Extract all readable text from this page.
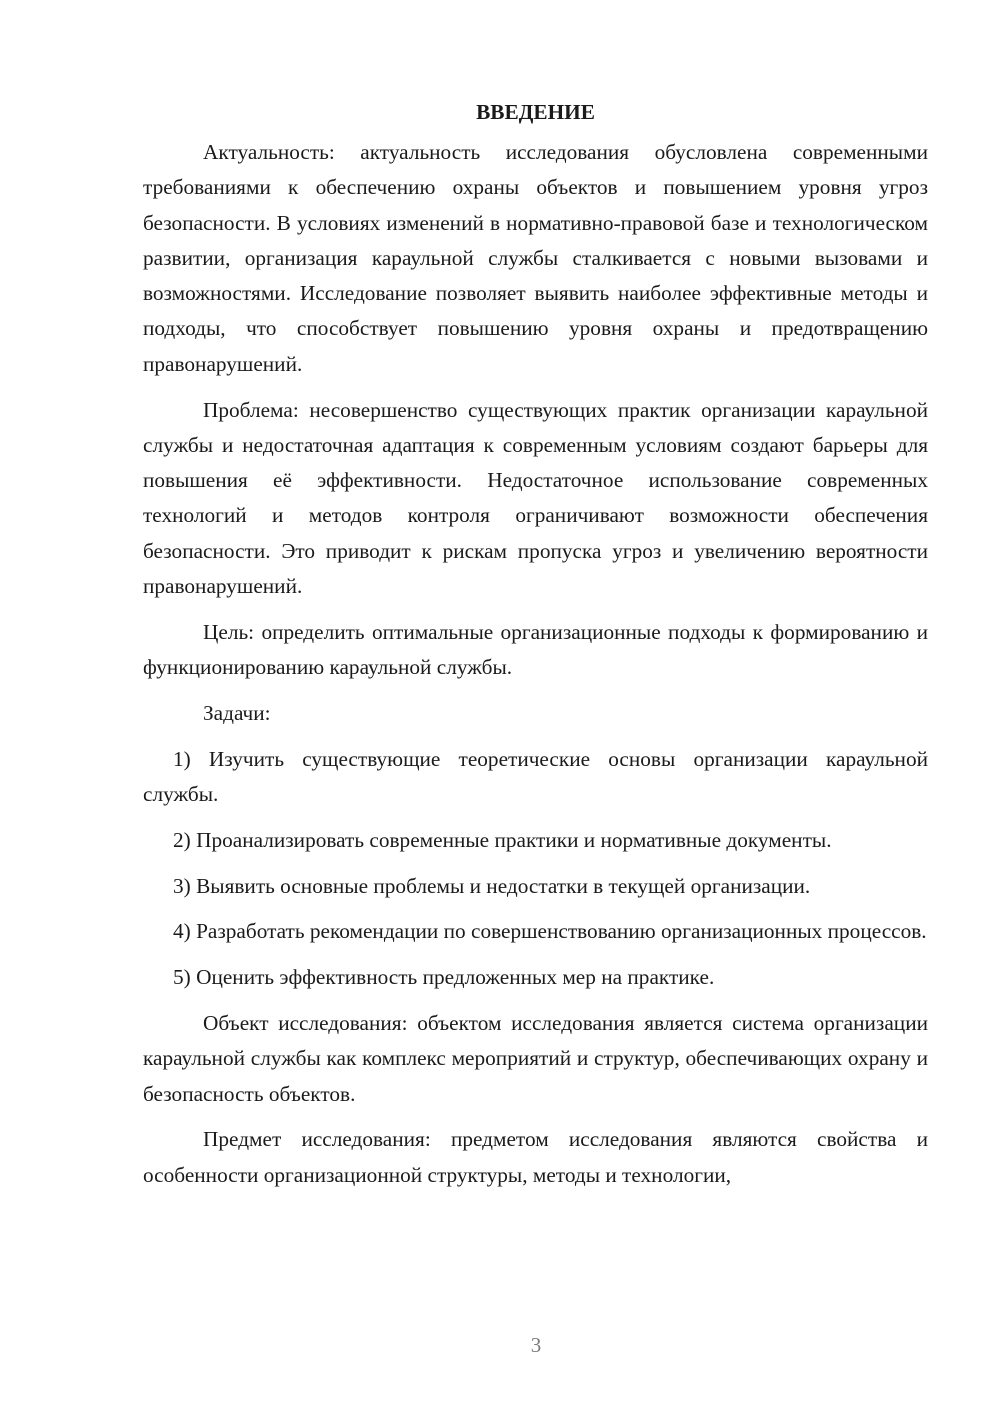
ВВЕДЕНИЕ

Актуальность: актуальность исследования обусловлена современными требованиями к обеспечению охраны объектов и повышением уровня угроз безопасности. В условиях изменений в нормативно-правовой базе и технологическом развитии, организация караульной службы сталкивается с новыми вызовами и возможностями. Исследование позволяет выявить наиболее эффективные методы и подходы, что способствует повышению уровня охраны и предотвращению правонарушений.

Проблема: несовершенство существующих практик организации караульной службы и недостаточная адаптация к современным условиям создают барьеры для повышения её эффективности. Недостаточное использование современных технологий и методов контроля ограничивают возможности обеспечения безопасности. Это приводит к рискам пропуска угроз и увеличению вероятности правонарушений.

Цель: определить оптимальные организационные подходы к формированию и функционированию караульной службы.

Задачи:

1) Изучить существующие теоретические основы организации караульной службы.

2) Проанализировать современные практики и нормативные документы.

3) Выявить основные проблемы и недостатки в текущей организации.

4) Разработать рекомендации по совершенствованию организационных процессов.

5) Оценить эффективность предложенных мер на практике.

Объект исследования: объектом исследования является система организации караульной службы как комплекс мероприятий и структур, обеспечивающих охрану и безопасность объектов.

Предмет исследования: предметом исследования являются свойства и особенности организационной структуры, методы и технологии,

3
